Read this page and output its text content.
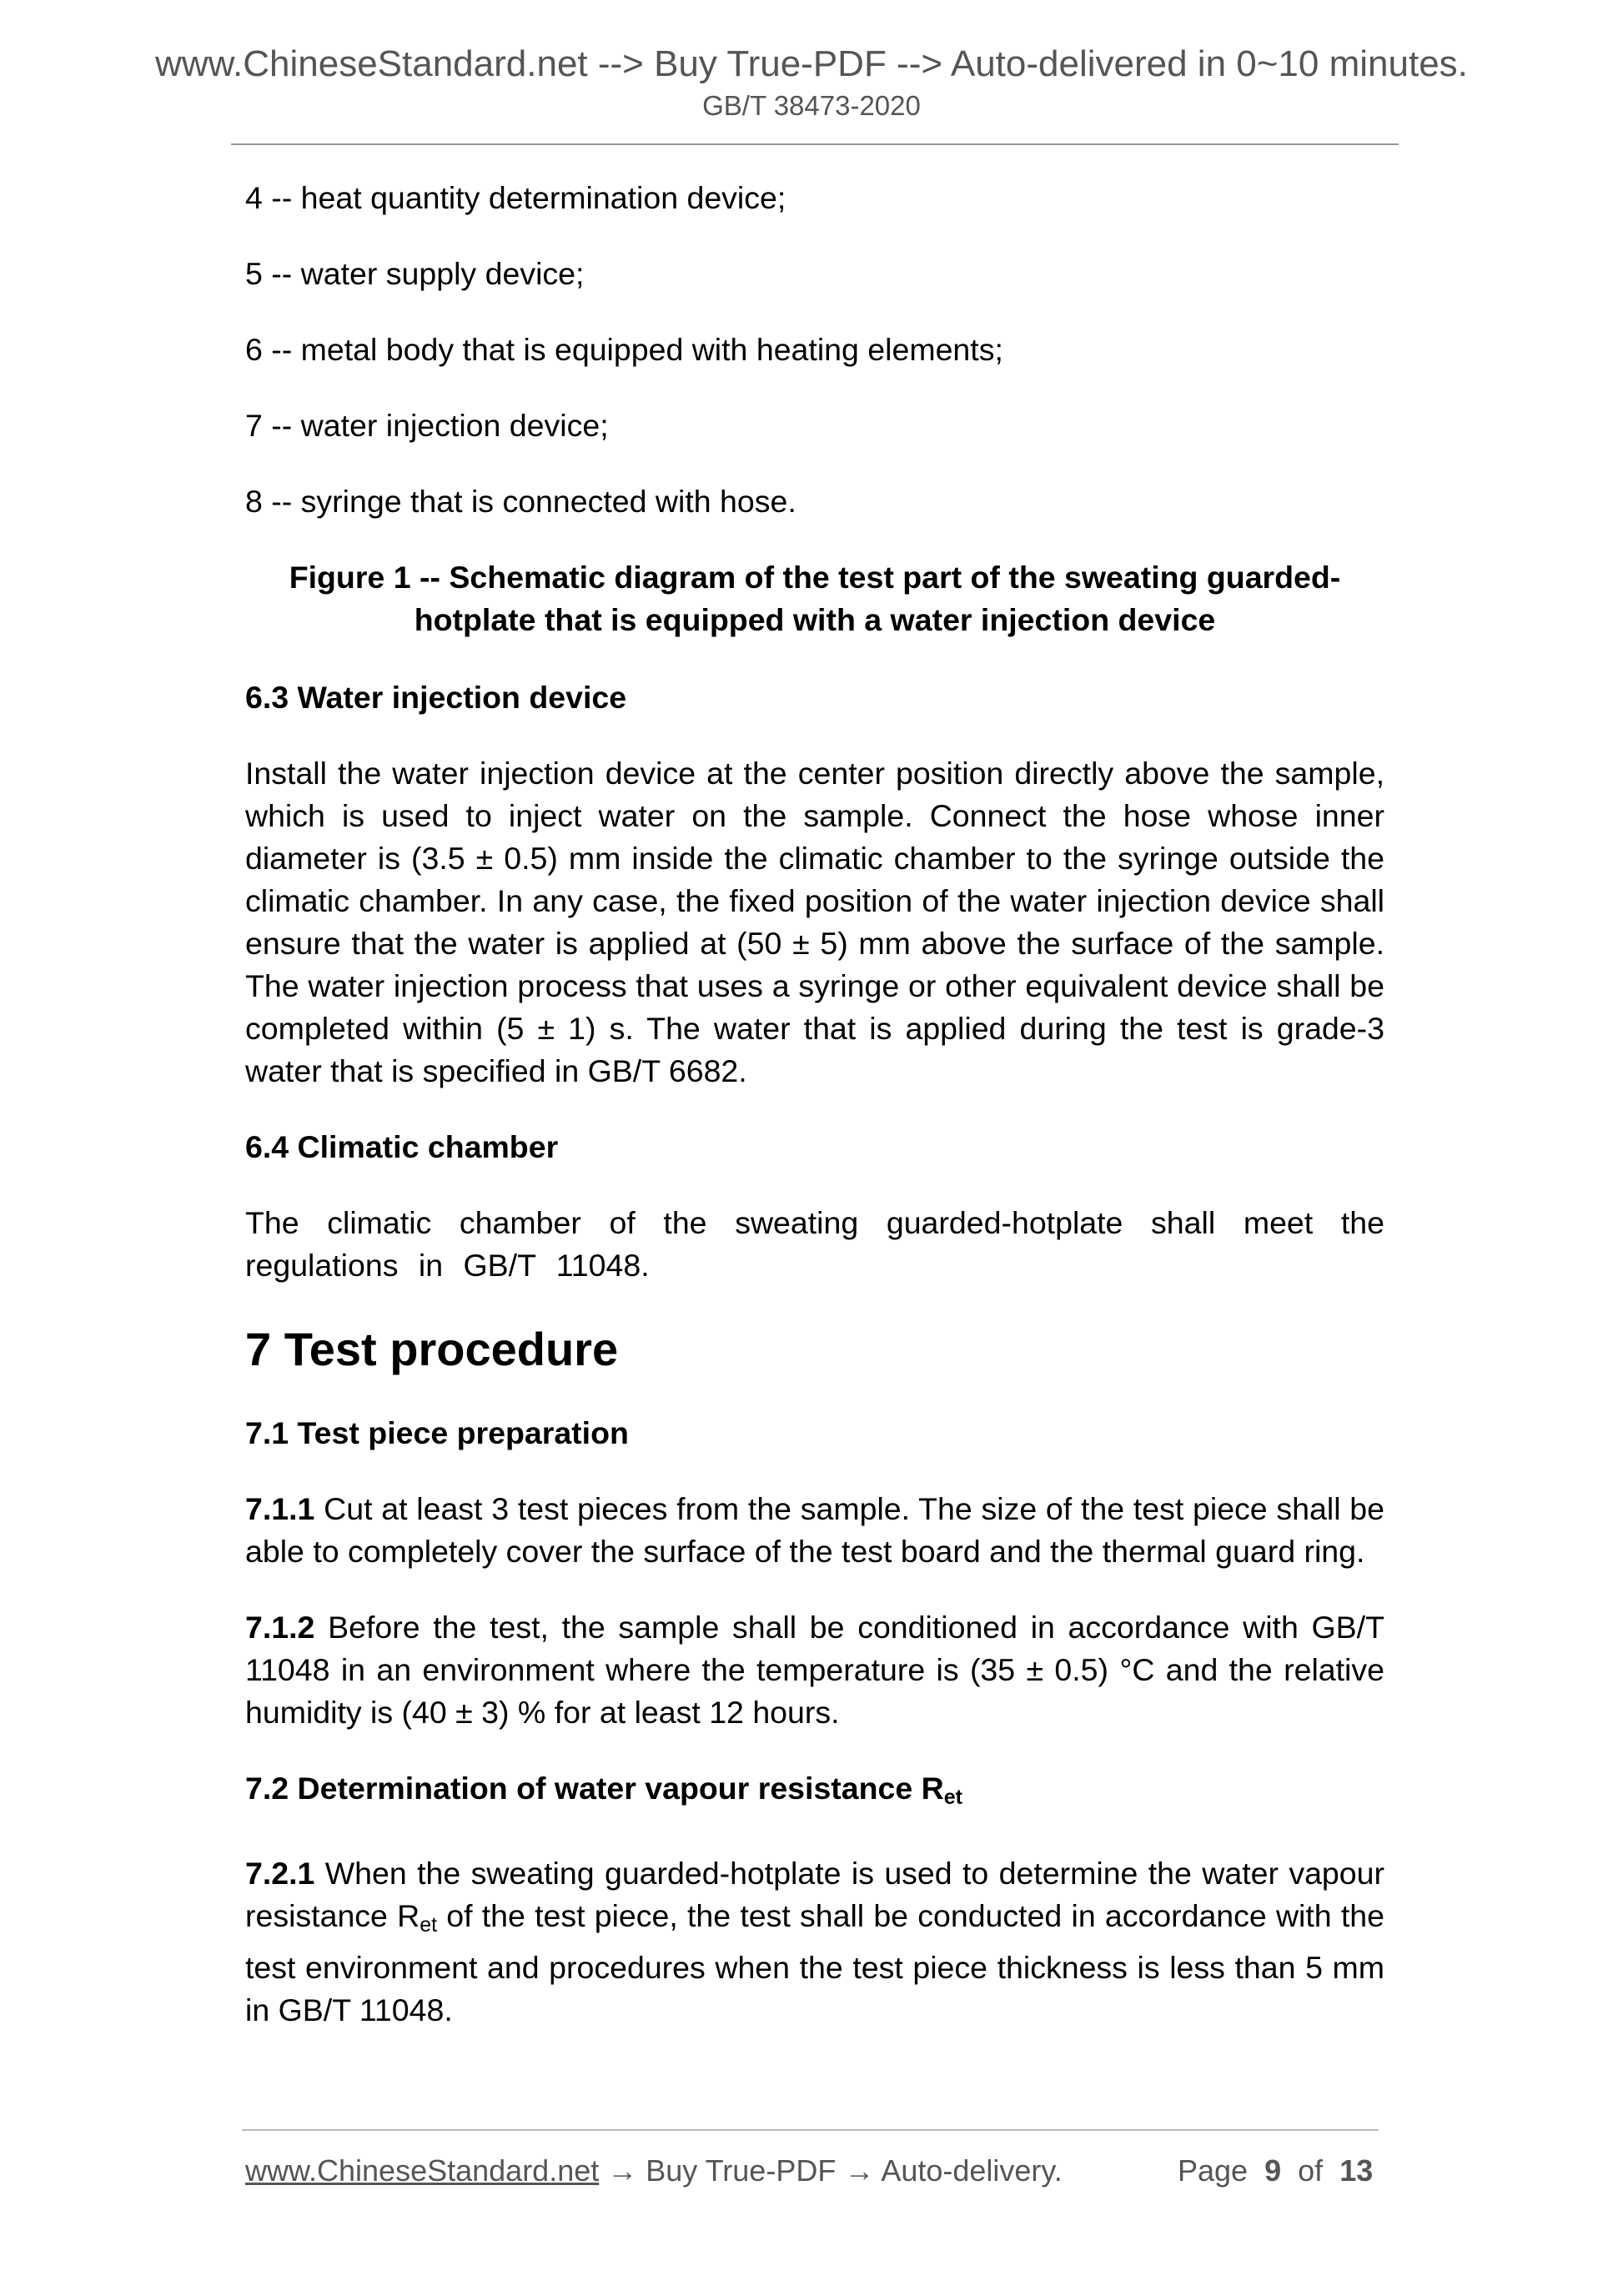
www.ChineseStandard.net --> Buy True-PDF --> Auto-delivered in 0~10 minutes.
GB/T 38473-2020

4 -- heat quantity determination device;

5 -- water supply device;

6 -- metal body that is equipped with heating elements;

7 -- water injection device;

8 -- syringe that is connected with hose.

Figure 1 -- Schematic diagram of the test part of the sweating guarded-
hotplate that is equipped with a water injection device
6.3 Water injection device

Install the water injection device at the center position directly above the sample, which is used to inject water on the sample. Connect the hose whose inner diameter is (3.5 ± 0.5) mm inside the climatic chamber to the syringe outside the climatic chamber. In any case, the fixed position of the water injection device shall ensure that the water is applied at (50 ± 5) mm above the surface of the sample. The water injection process that uses a syringe or other equivalent device shall be completed within (5 ± 1) s. The water that is applied during the test is grade-3 water that is specified in GB/T 6682.

6.4 Climatic chamber

The climatic chamber of the sweating guarded-hotplate shall meet the regulations in GB/T 11048.

7 Test procedure
7.1 Test piece preparation

7.1.1 Cut at least 3 test pieces from the sample. The size of the test piece shall be able to completely cover the surface of the test board and the thermal guard ring.

7.1.2 Before the test, the sample shall be conditioned in accordance with GB/T 11048 in an environment where the temperature is (35 ± 0.5) °C and the relative humidity is (40 ± 3) % for at least 12 hours.

7.2 Determination of water vapour resistance $R_{et}$

7.2.1 When the sweating guarded-hotplate is used to determine the water vapour resistance $R_{et}$ of the test piece, the test shall be conducted in accordance with the test environment and procedures when the test piece thickness is less than 5 mm in GB/T 11048.

www.ChineseStandard.net → Buy True-PDF → Auto-delivery.	Page 9 of 13
